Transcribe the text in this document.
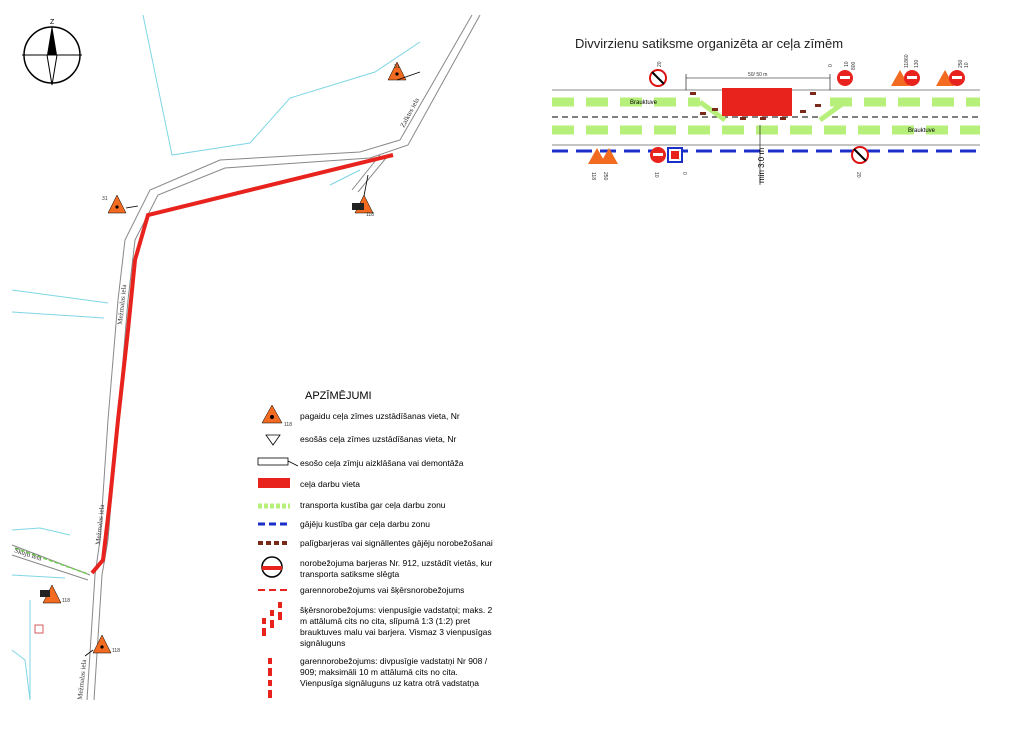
Zalktes iela
Mežmalas iela
Mežmalas iela
Skuju iela
Mežmalas iela
Z
31
31
118
118
118
50/ 50 m
min 3.0 m
Brauktuve
Brauktuve
20	0 10 800	118
60
130	250 10
118 250	10	0	20
118
Divvirzienu satiksme organizēta ar ceļa zīmēm
APZĪMĒJUMI
pagaidu ceļa zīmes uzstādīšanas vieta, Nr
esošās ceļa zīmes uzstādīšanas vieta, Nr
esošo ceļa zīmju aizklāšana vai demontāža
ceļa darbu vieta
transporta kustība gar ceļa darbu zonu
gājēju kustība gar ceļa darbu zonu
palīgbarjeras vai signāllentes gājēju norobežošanai
norobežojuma barjeras Nr. 912, uzstādīt vietās, kur transporta satiksme slēgta
garennorobežojums vai šķērsnorobežojums
šķērsnorobežojums: vienpusīgie vadstatņi; maks. 2 m attālumā cits no cita, slīpumā 1:3 (1:2) pret brauktuves malu vai barjera. Vismaz 3 vienpusīgas signāluguns
garennorobežojums: divpusīgie vadstatņi Nr 908 / 909; maksimāli 10 m attālumā cits no cita. Vienpusīga signāluguns uz katra otrā vadstatņa
